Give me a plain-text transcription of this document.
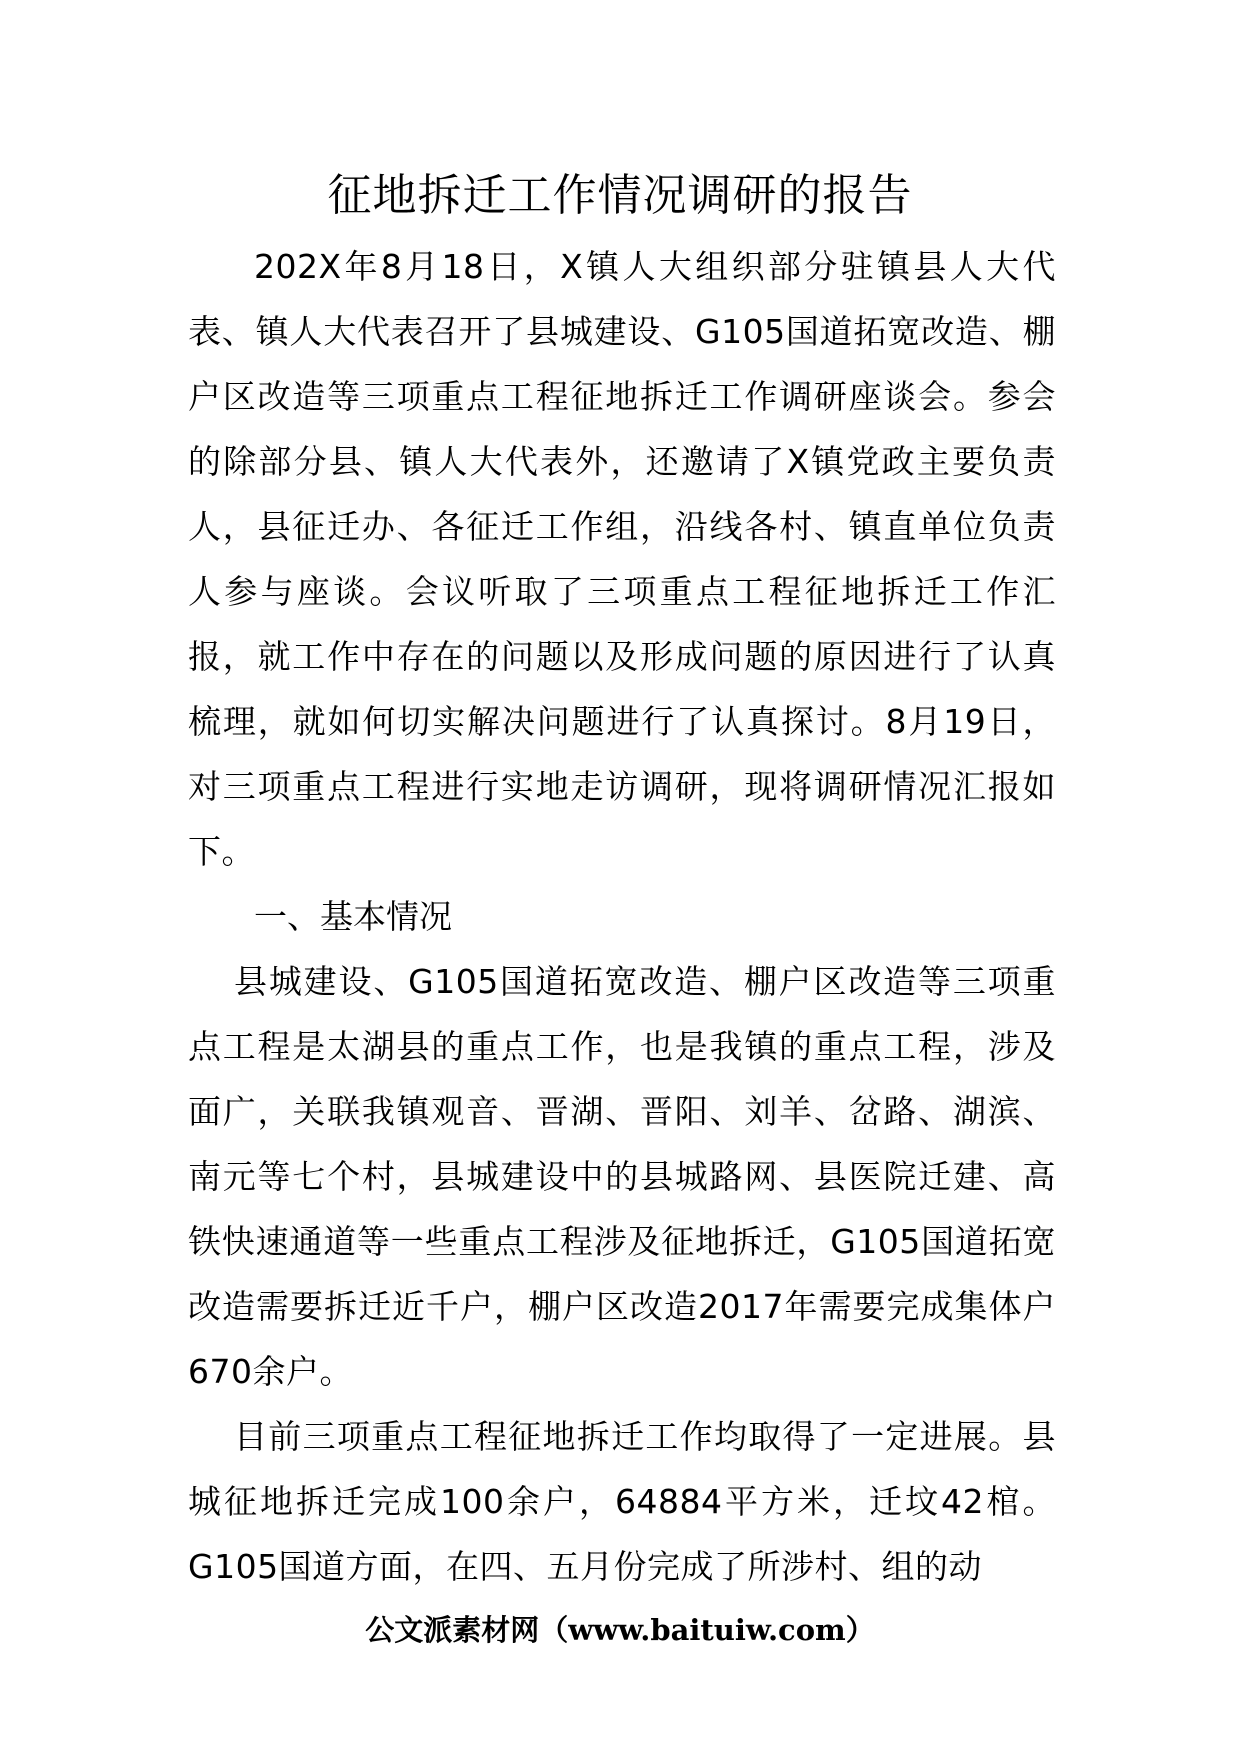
征地拆迁工作情况调研的报告

202X年8月18日，X镇人大组织部分驻镇县人大代表、镇人大代表召开了县城建设、G105国道拓宽改造、棚户区改造等三项重点工程征地拆迁工作调研座谈会。参会的除部分县、镇人大代表外，还邀请了X镇党政主要负责人，县征迁办、各征迁工作组，沿线各村、镇直单位负责人参与座谈。会议听取了三项重点工程征地拆迁工作汇报，就工作中存在的问题以及形成问题的原因进行了认真梳理，就如何切实解决问题进行了认真探讨。8月19日，对三项重点工程进行实地走访调研，现将调研情况汇报如下。

一、基本情况

县城建设、G105国道拓宽改造、棚户区改造等三项重点工程是太湖县的重点工作，也是我镇的重点工程，涉及面广，关联我镇观音、晋湖、晋阳、刘羊、岔路、湖滨、南元等七个村，县城建设中的县城路网、县医院迁建、高铁快速通道等一些重点工程涉及征地拆迁，G105国道拓宽改造需要拆迁近千户，棚户区改造2017年需要完成集体户670余户。

目前三项重点工程征地拆迁工作均取得了一定进展。县城征地拆迁完成100余户，64884平方米，迁坟42棺。G105国道方面，在四、五月份完成了所涉村、组的动

公文派素材网（www.baituiw.com）
